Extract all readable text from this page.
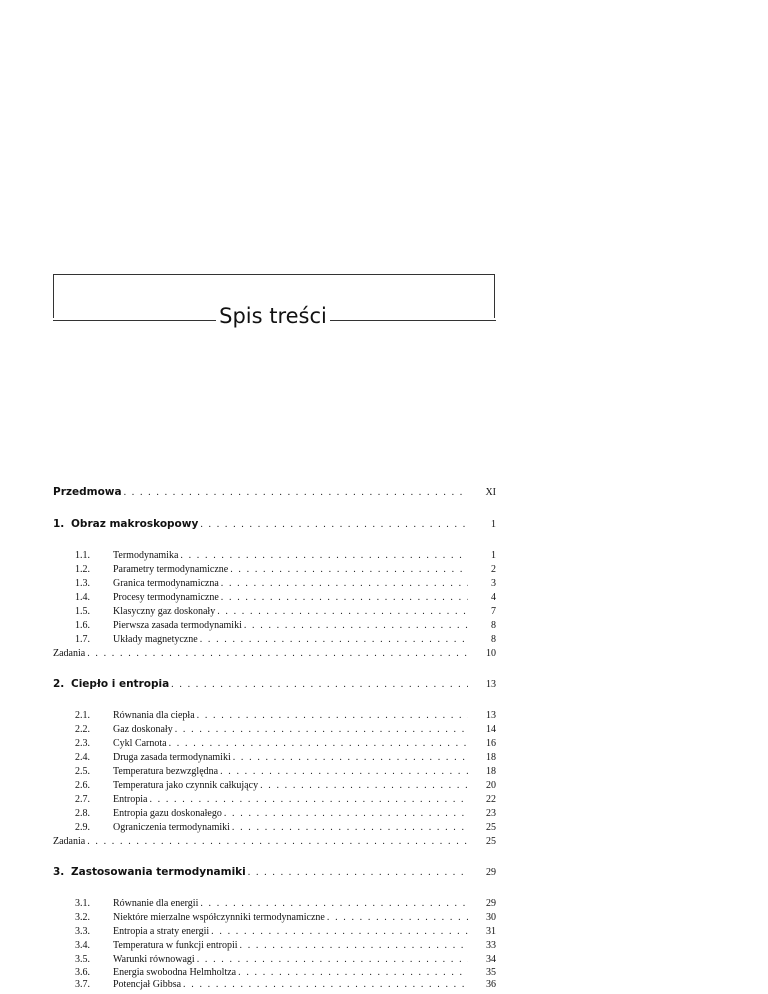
Spis treści
Przedmowa . . .	XI
1. Obraz makroskopowy . . .	1
1.1.	Termodynamika . . .	1
1.2.	Parametry termodynamiczne . . .	2
1.3.	Granica termodynamiczna . . .	3
1.4.	Procesy termodynamiczne . . .	4
1.5.	Klasyczny gaz doskonały . . .	7
1.6.	Pierwsza zasada termodynamiki . . .	8
1.7.	Układy magnetyczne . . .	8
Zadania . . .	10
2. Ciepło i entropia . . .	13
2.1.	Równania dla ciepła . . .	13
2.2.	Gaz doskonały . . .	14
2.3.	Cykl Carnota . . .	16
2.4.	Druga zasada termodynamiki . . .	18
2.5.	Temperatura bezwzględna . . .	18
2.6.	Temperatura jako czynnik całkujący . . .	20
2.7.	Entropia . . .	22
2.8.	Entropia gazu doskonałego . . .	23
2.9.	Ograniczenia termodynamiki . . .	25
Zadania . . .	25
3. Zastosowania termodynamiki . . .	29
3.1.	Równanie dla energii . . .	29
3.2.	Niektóre mierzalne współczynniki termodynamiczne . . .	30
3.3.	Entropia a straty energii . . .	31
3.4.	Temperatura w funkcji entropii . . .	33
3.5.	Warunki równowagi . . .	34
3.6.	Energia swobodna Helmholtza . . .	35
3.7.	Potencjał Gibbsa . . .	36
